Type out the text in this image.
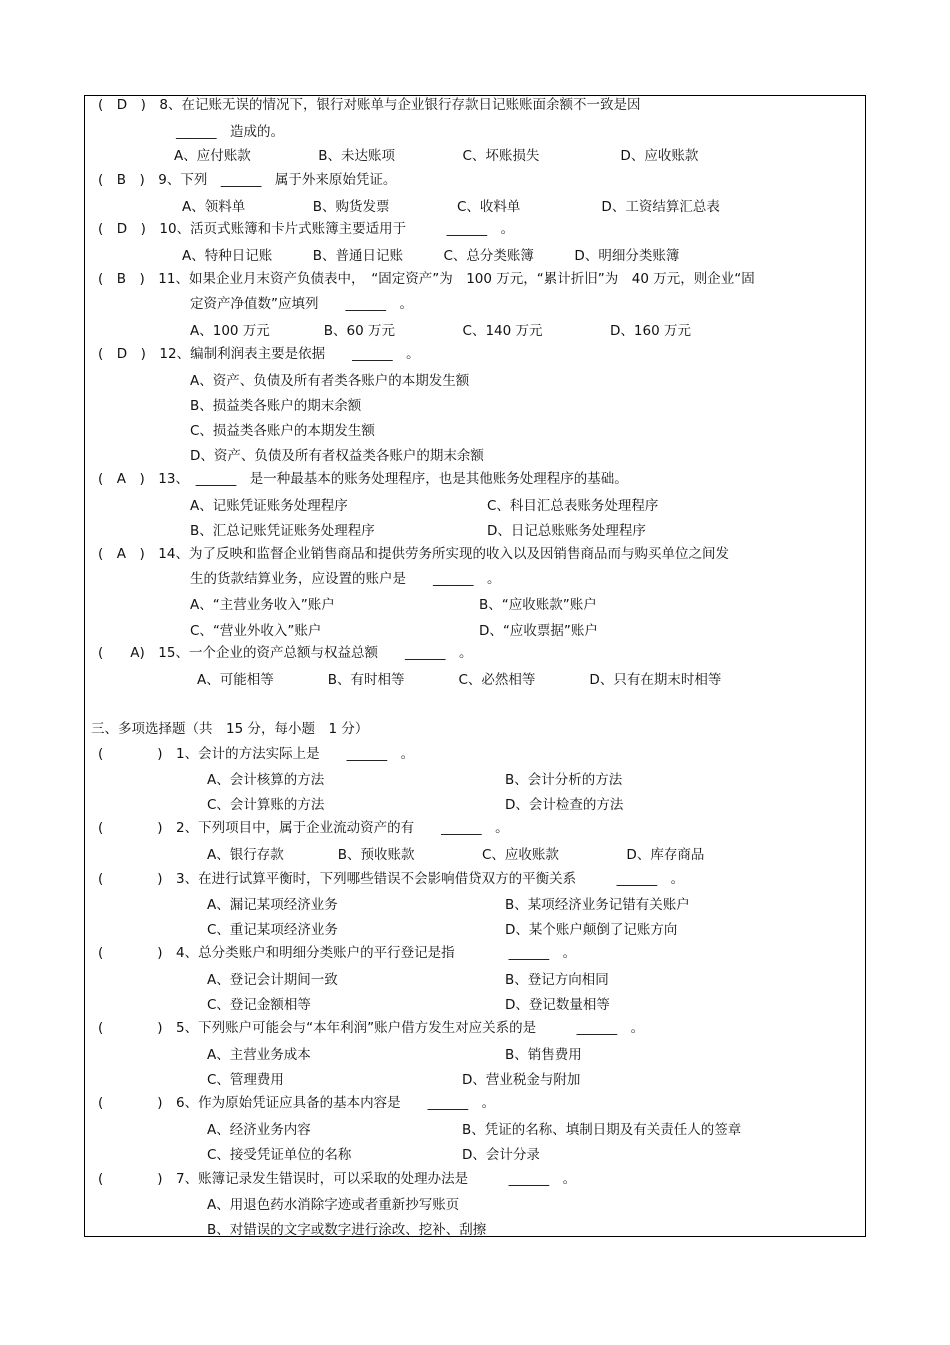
(　D　)　8、在记账无误的情况下，银行对账单与企业银行存款日记账账面余额不一致是因
______　造成的。
A、应付账款　　　　　B、未达账项　　　　　C、坏账损失　　　　　　D、应收账款
(　B　)　9、下列　______　属于外来原始凭证。
A、领料单　　　　　B、购货发票　　　　　C、收料单　　　　　　D、工资结算汇总表
(　D　)　10、活页式账簿和卡片式账簿主要适用于　　　______　。
A、特种日记账　　　B、普通日记账　　　C、总分类账簿　　　D、明细分类账簿
(　B　)　11、如果企业月末资产负债表中，　“固定资产”为　100 万元，“累计折旧”为　40 万元，则企业“固
定资产净值数”应填列　　______　。
A、100 万元　　　　B、60 万元　　　　　C、140 万元　　　　　D、160 万元
(　D　)　12、编制利润表主要是依据　　______　。
A、资产、负债及所有者类各账户的本期发生额
B、损益类各账户的期末余额
C、损益类各账户的本期发生额
D、资产、负债及所有者权益类各账户的期末余额
(　A　)　13、　______　是一种最基本的账务处理程序，也是其他账务处理程序的基础。
A、记账凭证账务处理程序	C、科目汇总表账务处理程序
B、汇总记账凭证账务处理程序	D、日记总账账务处理程序
(　A　)　14、为了反映和监督企业销售商品和提供劳务所实现的收入以及因销售商品而与购买单位之间发
生的货款结算业务，应设置的账户是　　______　。
A、“主营业务收入”账户	B、“应收账款”账户
C、“营业外收入”账户	D、“应收票据”账户
(　　A)　15、一个企业的资产总额与权益总额　　______　。
A、可能相等　　　　B、有时相等　　　　C、必然相等　　　　D、只有在期末时相等
三、多项选择题（共　15 分，每小题　1 分）
(　　　　)　1、会计的方法实际上是　　______　。
A、会计核算的方法	B、会计分析的方法
C、会计算账的方法	D、会计检查的方法
(　　　　)　2、下列项目中，属于企业流动资产的有　　______　。
A、银行存款　　　　B、预收账款　　　　　C、应收账款　　　　　D、库存商品
(　　　　)　3、在进行试算平衡时，下列哪些错误不会影响借贷双方的平衡关系　　　______　。
A、漏记某项经济业务	B、某项经济业务记错有关账户
C、重记某项经济业务	D、某个账户颠倒了记账方向
(　　　　)　4、总分类账户和明细分类账户的平行登记是指　　　　______　。
A、登记会计期间一致	B、登记方向相同
C、登记金额相等	D、登记数量相等
(　　　　)　5、下列账户可能会与“本年利润”账户借方发生对应关系的是　　　______　。
A、主营业务成本	B、销售费用
C、管理费用	D、营业税金与附加
(　　　　)　6、作为原始凭证应具备的基本内容是　　______　。
A、经济业务内容	B、凭证的名称、填制日期及有关责任人的签章
C、接受凭证单位的名称	D、会计分录
(　　　　)　7、账簿记录发生错误时，可以采取的处理办法是　　　______　。
A、用退色药水消除字迹或者重新抄写账页
B、对错误的文字或数字进行涂改、挖补、刮擦
